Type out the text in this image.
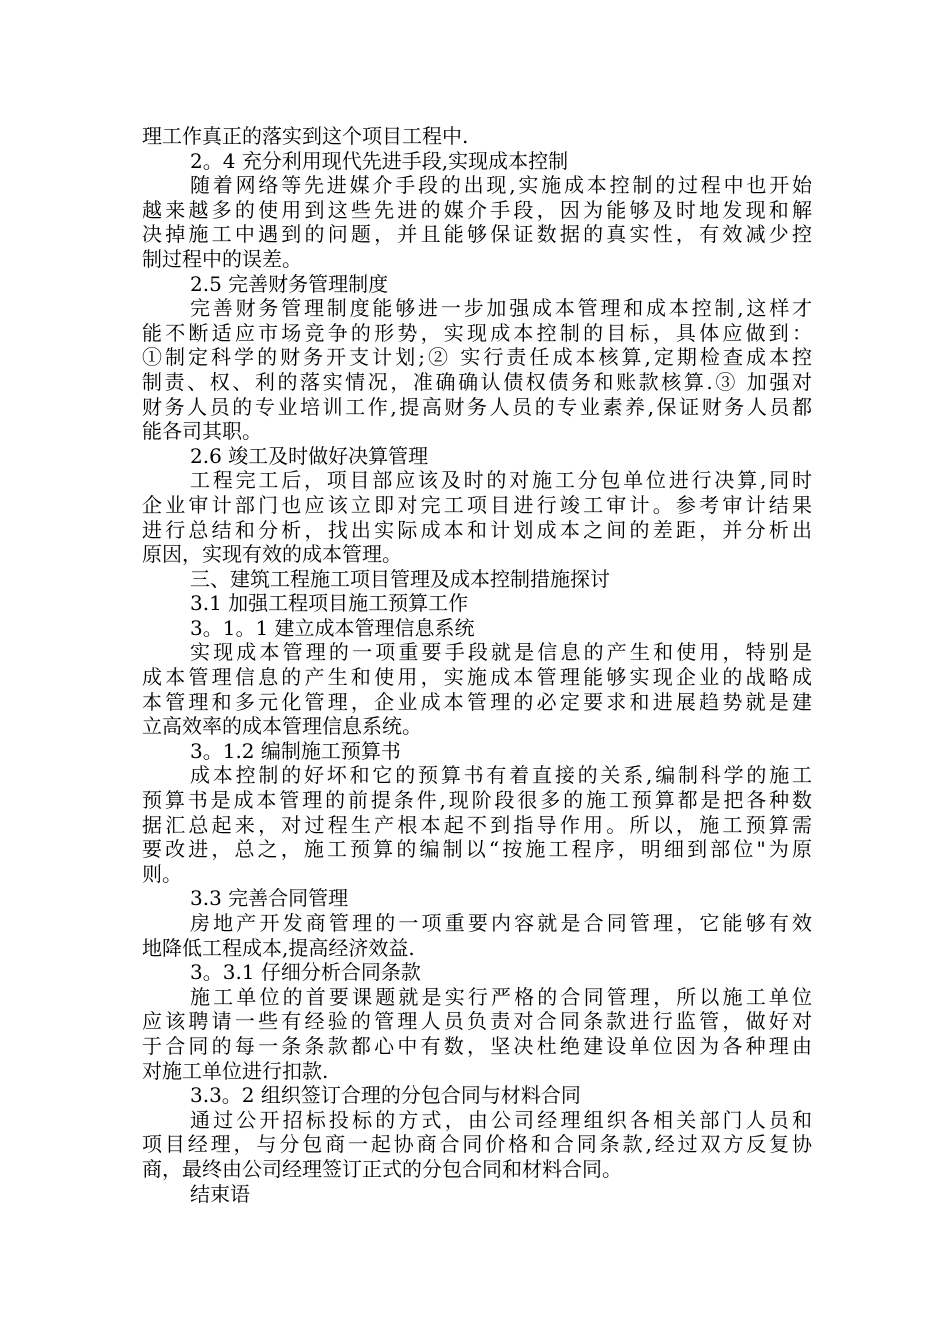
理工作真正的落实到这个项目工程中.

2。4 充分利用现代先进手段,实现成本控制

随着网络等先进媒介手段的出现,实施成本控制的过程中也开始

越来越多的使用到这些先进的媒介手段，因为能够及时地发现和解

决掉施工中遇到的问题，并且能够保证数据的真实性，有效减少控

制过程中的误差。

2.5 完善财务管理制度

完善财务管理制度能够进一步加强成本管理和成本控制,这样才

能不断适应市场竞争的形势，实现成本控制的目标，具体应做到：

①制定科学的财务开支计划;② 实行责任成本核算,定期检查成本控

制责、权、利的落实情况，准确确认债权债务和账款核算.③ 加强对

财务人员的专业培训工作,提高财务人员的专业素养,保证财务人员都

能各司其职。

2.6 竣工及时做好决算管理

工程完工后，项目部应该及时的对施工分包单位进行决算,同时

企业审计部门也应该立即对完工项目进行竣工审计。参考审计结果

进行总结和分析，找出实际成本和计划成本之间的差距，并分析出

原因，实现有效的成本管理。

三、建筑工程施工项目管理及成本控制措施探讨

3.1 加强工程项目施工预算工作

3。1。1 建立成本管理信息系统

实现成本管理的一项重要手段就是信息的产生和使用，特别是

成本管理信息的产生和使用，实施成本管理能够实现企业的战略成

本管理和多元化管理，企业成本管理的必定要求和进展趋势就是建

立高效率的成本管理信息系统。

3。1.2 编制施工预算书

成本控制的好坏和它的预算书有着直接的关系,编制科学的施工

预算书是成本管理的前提条件,现阶段很多的施工预算都是把各种数

据汇总起来，对过程生产根本起不到指导作用。所以，施工预算需

要改进，总之，施工预算的编制以“按施工程序，明细到部位"为原

则。

3.3 完善合同管理

房地产开发商管理的一项重要内容就是合同管理，它能够有效

地降低工程成本,提高经济效益.

3。3.1 仔细分析合同条款

施工单位的首要课题就是实行严格的合同管理，所以施工单位

应该聘请一些有经验的管理人员负责对合同条款进行监管，做好对

于合同的每一条条款都心中有数，坚决杜绝建设单位因为各种理由

对施工单位进行扣款.

3.3。2 组织签订合理的分包合同与材料合同

通过公开招标投标的方式，由公司经理组织各相关部门人员和

项目经理，与分包商一起协商合同价格和合同条款,经过双方反复协

商，最终由公司经理签订正式的分包合同和材料合同。

结束语
